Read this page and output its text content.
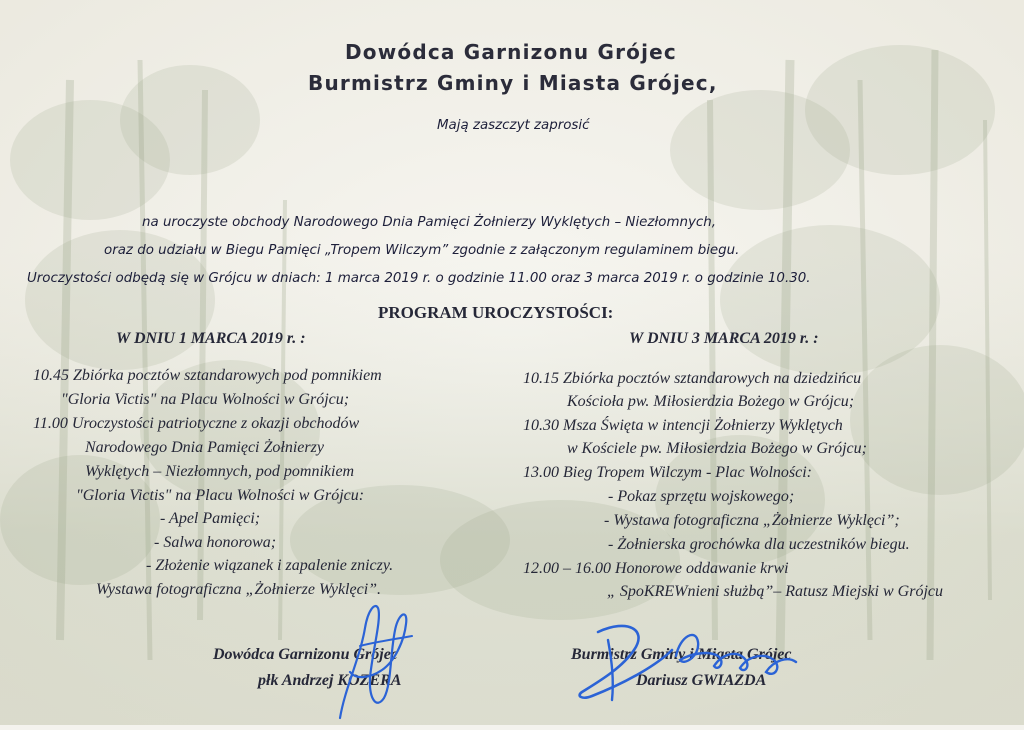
Dowódca Garnizonu Grójec
Burmistrz Gminy i Miasta Grójec,
Mają zaszczyt zaprosić
na uroczyste obchody Narodowego Dnia Pamięci Żołnierzy Wyklętych – Niezłomnych,
oraz do udziału w Biegu Pamięci „Tropem Wilczym” zgodnie z załączonym regulaminem biegu.
Uroczystości odbędą się w Grójcu w dniach: 1 marca 2019 r. o godzinie 11.00 oraz 3 marca 2019 r. o godzinie 10.30.
PROGRAM UROCZYSTOŚCI:
W DNIU 1 MARCA 2019 r. :
10.45 Zbiórka pocztów sztandarowych pod pomnikiem
"Gloria Victis" na Placu Wolności w Grójcu;
11.00 Uroczystości patriotyczne z okazji obchodów
Narodowego Dnia Pamięci Żołnierzy
Wyklętych – Niezłomnych, pod pomnikiem
"Gloria Victis" na Placu Wolności w Grójcu:
- Apel Pamięci;
- Salwa honorowa;
- Złożenie wiązanek i zapalenie zniczy.
Wystawa fotograficzna „Żołnierze Wyklęci”.
W DNIU 3 MARCA 2019 r. :
10.15 Zbiórka pocztów sztandarowych na dziedzińcu
Kościoła pw. Miłosierdzia Bożego w Grójcu;
10.30 Msza Święta w intencji Żołnierzy Wyklętych
w Kościele pw. Miłosierdzia Bożego w Grójcu;
13.00 Bieg Tropem Wilczym - Plac Wolności:
- Pokaz sprzętu wojskowego;
- Wystawa fotograficzna „Żołnierze Wyklęci”;
- Żołnierska grochówka dla uczestników biegu.
12.00 – 16.00 Honorowe oddawanie krwi
„ SpoKREWnieni służbą”– Ratusz Miejski w Grójcu
Dowódca Garnizonu Grójec
płk Andrzej KOZERA
Burmistrz Gminy i Miasta Grójec
Dariusz GWIAZDA
